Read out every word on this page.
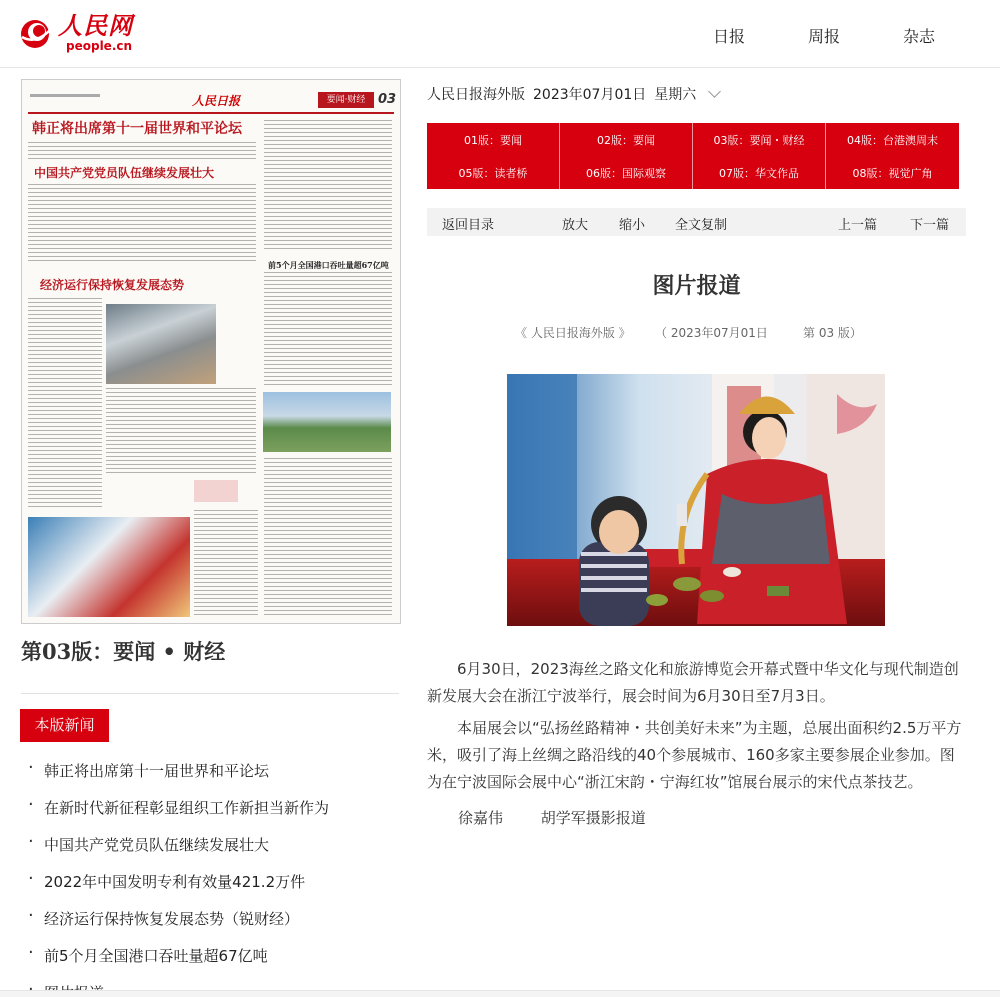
人民网
people.cn	日报	周报	杂志
人民日报	要闻·财经 03
韩正将出席第十一届世界和平论坛
中国共产党党员队伍继续发展壮大
经济运行保持恢复发展态势
前5个月全国港口吞吐量超67亿吨
第03版：要闻 • 财经
本版新闻
· 韩正将出席第十一届世界和平论坛
· 在新时代新征程彰显组织工作新担当新作为
· 中国共产党党员队伍继续发展壮大
· 2022年中国发明专利有效量421.2万件
· 经济运行保持恢复发展态势（锐财经）
· 前5个月全国港口吞吐量超67亿吨
·
人民日报海外版 2023年07月01日 星期六
01版：要闻	02版：要闻	03版：要闻・财经	04版：台港澳周末
05版：读者桥	06版：国际观察	07版：华文作品	08版：视觉广角
返回目录	放大 缩小 全文复制	上一篇	下一篇
图片报道
《 人民日报海外版 》 （ 2023年07月01日	第 03 版）

6月30日，2023海丝之路文化和旅游博览会开幕式暨中华文化与现代制造创新发展大会在浙江宁波举行，展会时间为6月30日至7月3日。

本届展会以“弘扬丝路精神・共创美好未来”为主题，总展出面积约2.5万平方米，吸引了海上丝绸之路沿线的40个参展城市、160多家主要参展企业参加。图为在宁波国际会展中心“浙江宋韵・宁海红妆”馆展台展示的宋代点茶技艺。

徐嘉伟	胡学军摄影报道
